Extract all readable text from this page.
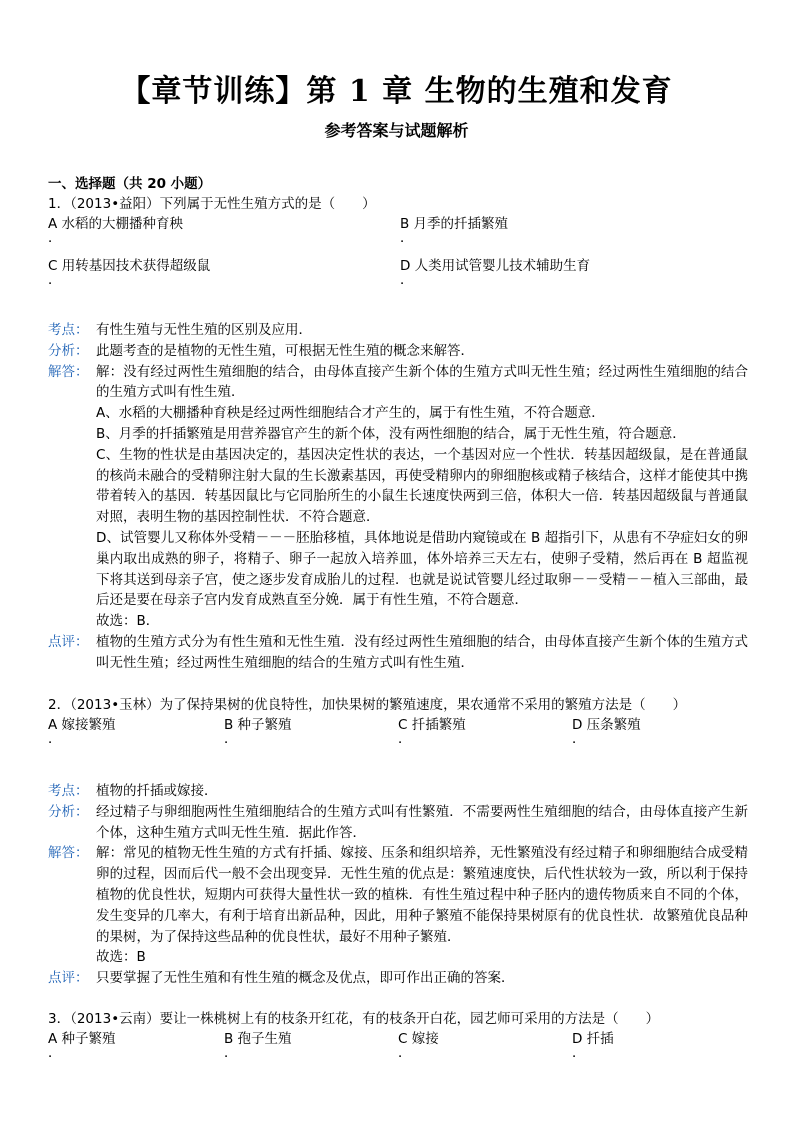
【章节训练】第 1 章 生物的生殖和发育
参考答案与试题解析
一、选择题（共 20 小题）
1．（2013•益阳）下列属于无性生殖方式的是（　　）
A 水稻的大棚播种育秧
．
B 月季的扦插繁殖
．
C 用转基因技术获得超级鼠
．
D 人类用试管婴儿技术辅助生育
．
考点： 有性生殖与无性生殖的区别及应用．
分析： 此题考查的是植物的无性生殖，可根据无性生殖的概念来解答．
解答： 解：没有经过两性生殖细胞的结合，由母体直接产生新个体的生殖方式叫无性生殖；经过两性生殖细胞的结合的生殖方式叫有性生殖．
A、水稻的大棚播种育秧是经过两性细胞结合才产生的，属于有性生殖，不符合题意．
B、月季的扦插繁殖是用营养器官产生的新个体，没有两性细胞的结合，属于无性生殖，符合题意．
C、生物的性状是由基因决定的，基因决定性状的表达，一个基因对应一个性状．转基因超级鼠，是在普通鼠的核尚未融合的受精卵注射大鼠的生长激素基因，再使受精卵内的卵细胞核或精子核结合，这样才能使其中携带着转入的基因．转基因鼠比与它同胎所生的小鼠生长速度快两到三倍，体积大一倍．转基因超级鼠与普通鼠对照，表明生物的基因控制性状．不符合题意．
D、试管婴儿又称体外受精－－－胚胎移植，具体地说是借助内窥镜或在 B 超指引下，从患有不孕症妇女的卵巢内取出成熟的卵子，将精子、卵子一起放入培养皿，体外培养三天左右，使卵子受精，然后再在 B 超监视下将其送到母亲子宫，使之逐步发育成胎儿的过程．也就是说试管婴儿经过取卵－－受精－－植入三部曲，最后还是要在母亲子宫内发育成熟直至分娩．属于有性生殖，不符合题意．
故选：B．
点评： 植物的生殖方式分为有性生殖和无性生殖．没有经过两性生殖细胞的结合，由母体直接产生新个体的生殖方式叫无性生殖；经过两性生殖细胞的结合的生殖方式叫有性生殖．
2．（2013•玉林）为了保持果树的优良特性，加快果树的繁殖速度，果农通常不采用的繁殖方法是（　　）
A 嫁接繁殖
．
B 种子繁殖
．
C 扦插繁殖
．
D 压条繁殖
．
考点： 植物的扦插或嫁接．
分析： 经过精子与卵细胞两性生殖细胞结合的生殖方式叫有性繁殖．不需要两性生殖细胞的结合，由母体直接产生新个体，这种生殖方式叫无性生殖．据此作答．
解答： 解：常见的植物无性生殖的方式有扦插、嫁接、压条和组织培养，无性繁殖没有经过精子和卵细胞结合成受精卵的过程，因而后代一般不会出现变异．无性生殖的优点是：繁殖速度快，后代性状较为一致，所以利于保持植物的优良性状，短期内可获得大量性状一致的植株．有性生殖过程中种子胚内的遗传物质来自不同的个体，发生变异的几率大，有利于培育出新品种，因此，用种子繁殖不能保持果树原有的优良性状．故繁殖优良品种的果树，为了保持这些品种的优良性状，最好不用种子繁殖．
故选：B
点评： 只要掌握了无性生殖和有性生殖的概念及优点，即可作出正确的答案．
3．（2013•云南）要让一株桃树上有的枝条开红花，有的枝条开白花，园艺师可采用的方法是（　　）
A 种子繁殖
．
B 孢子生殖
．
C 嫁接
．
D 扦插
．
